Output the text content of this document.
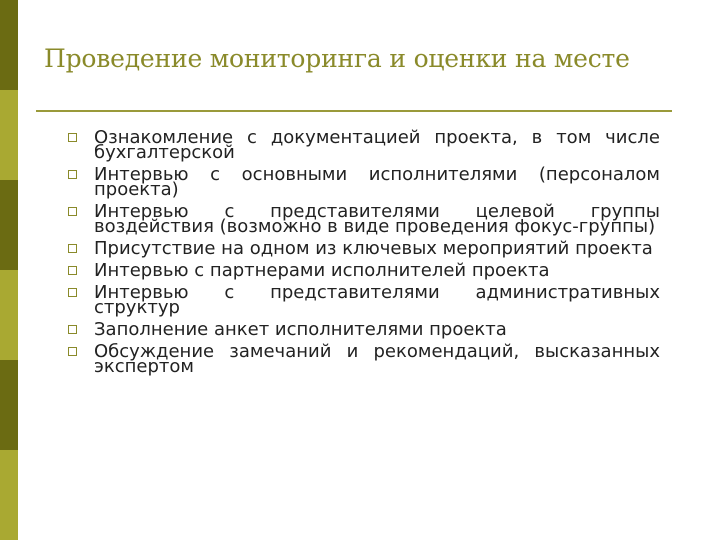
Проведение мониторинга и оценки на месте
Ознакомление с документацией проекта, в том числе бухгалтерской
Интервью с основными исполнителями (персоналом проекта)
Интервью с представителями целевой группы воздействия (возможно в виде проведения фокус-группы)
Присутствие на одном из ключевых мероприятий проекта
Интервью с партнерами исполнителей проекта
Интервью с представителями административных структур
Заполнение анкет исполнителями проекта
Обсуждение замечаний и рекомендаций, высказанных экспертом
